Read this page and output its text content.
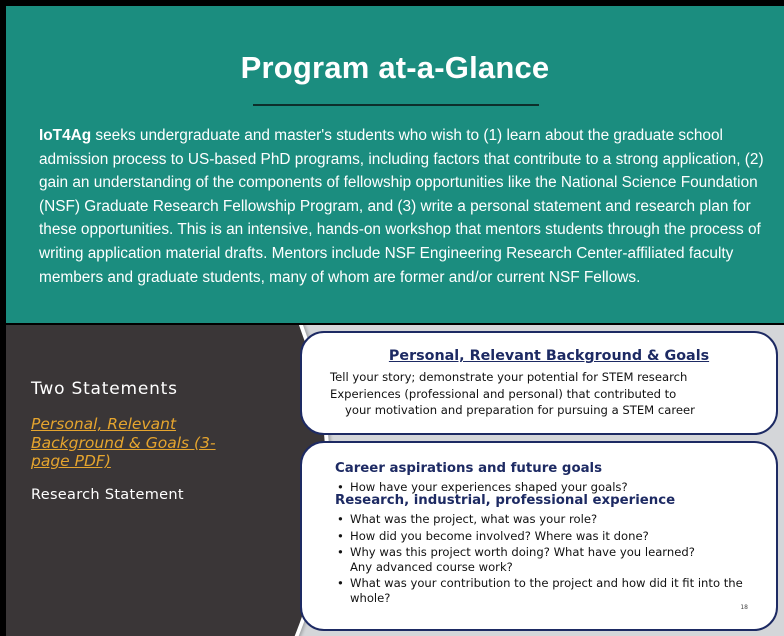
Program at-a-Glance
IoT4Ag seeks undergraduate and master's students who wish to (1) learn about the graduate school admission process to US-based PhD programs, including factors that contribute to a strong application, (2) gain an understanding of the components of fellowship opportunities like the National Science Foundation (NSF) Graduate Research Fellowship Program, and (3) write a personal statement and research plan for these opportunities. This is an intensive, hands-on workshop that mentors students through the process of writing application material drafts. Mentors include NSF Engineering Research Center-affiliated faculty members and graduate students, many of whom are former and/or current NSF Fellows.
Two Statements
Personal, Relevant Background & Goals (3-page PDF)
Research Statement
Personal, Relevant Background & Goals
Tell your story; demonstrate your potential for STEM research
Experiences (professional and personal) that contributed to
your motivation and preparation for pursuing a STEM career
Career aspirations and future goals
• How have your experiences shaped your goals?
Research, industrial, professional experience
• What was the project, what was your role?
• How did you become involved? Where was it done?
• Why was this project worth doing? What have you learned? Any advanced course work?
• What was your contribution to the project and how did it fit into the whole?
18
